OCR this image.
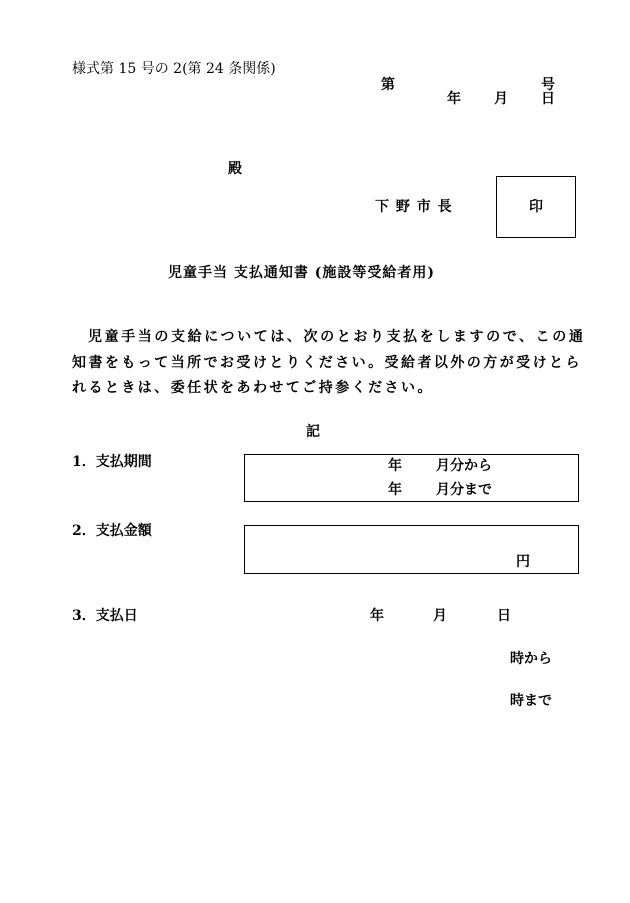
様式第 15 号の 2(第 24 条関係)
第	号
年 月 日
殿
下 野 市 長	印
児童手当 支払通知書 (施設等受給者用)
児童手当の支給については、次のとおり支払をしますので、この通
知書をもって当所でお受けとりください。受給者以外の方が受けとら
れるときは、委任状をあわせてご持参ください。
記
1．支払期間	年 月分から
年 月分まで
2．支払金額
円
3．支払日	年	月	日
時から
時まで
